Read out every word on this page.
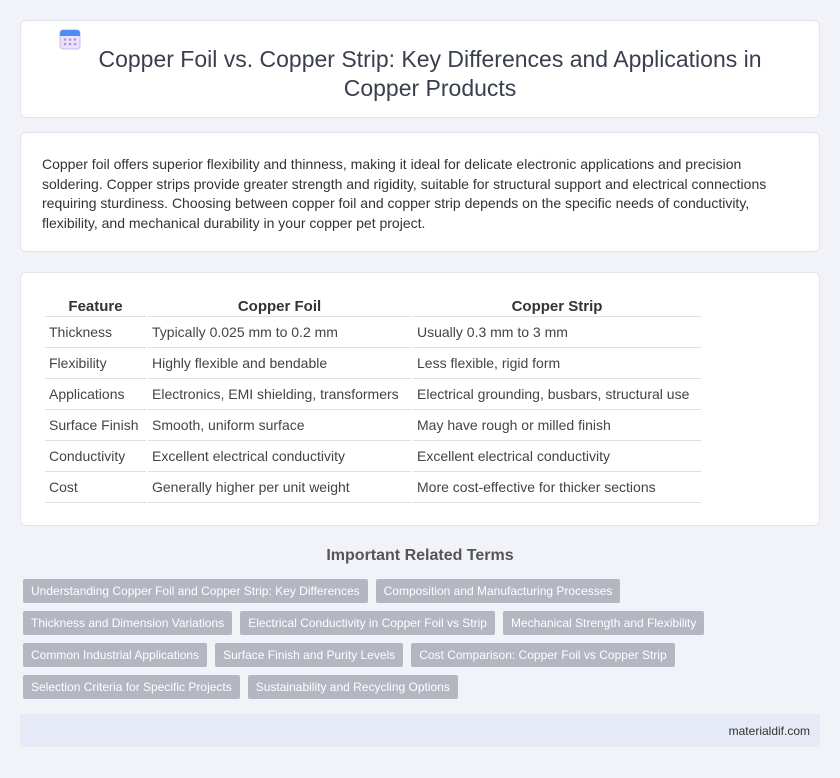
Copper Foil vs. Copper Strip: Key Differences and Applications in Copper Products

Copper foil offers superior flexibility and thinness, making it ideal for delicate electronic applications and precision soldering. Copper strips provide greater strength and rigidity, suitable for structural support and electrical connections requiring sturdiness. Choosing between copper foil and copper strip depends on the specific needs of conductivity, flexibility, and mechanical durability in your copper pet project.

Feature	Copper Foil	Copper Strip
Thickness	Typically 0.025 mm to 0.2 mm	Usually 0.3 mm to 3 mm
Flexibility	Highly flexible and bendable	Less flexible, rigid form
Applications	Electronics, EMI shielding, transformers	Electrical grounding, busbars, structural use
Surface Finish	Smooth, uniform surface	May have rough or milled finish
Conductivity	Excellent electrical conductivity	Excellent electrical conductivity
Cost	Generally higher per unit weight	More cost-effective for thicker sections
Important Related Terms
Understanding Copper Foil and Copper Strip: Key Differences	Composition and Manufacturing Processes
Thickness and Dimension Variations	Electrical Conductivity in Copper Foil vs Strip	Mechanical Strength and Flexibility
Common Industrial Applications	Surface Finish and Purity Levels	Cost Comparison: Copper Foil vs Copper Strip
Selection Criteria for Specific Projects	Sustainability and Recycling Options
materialdif.com
